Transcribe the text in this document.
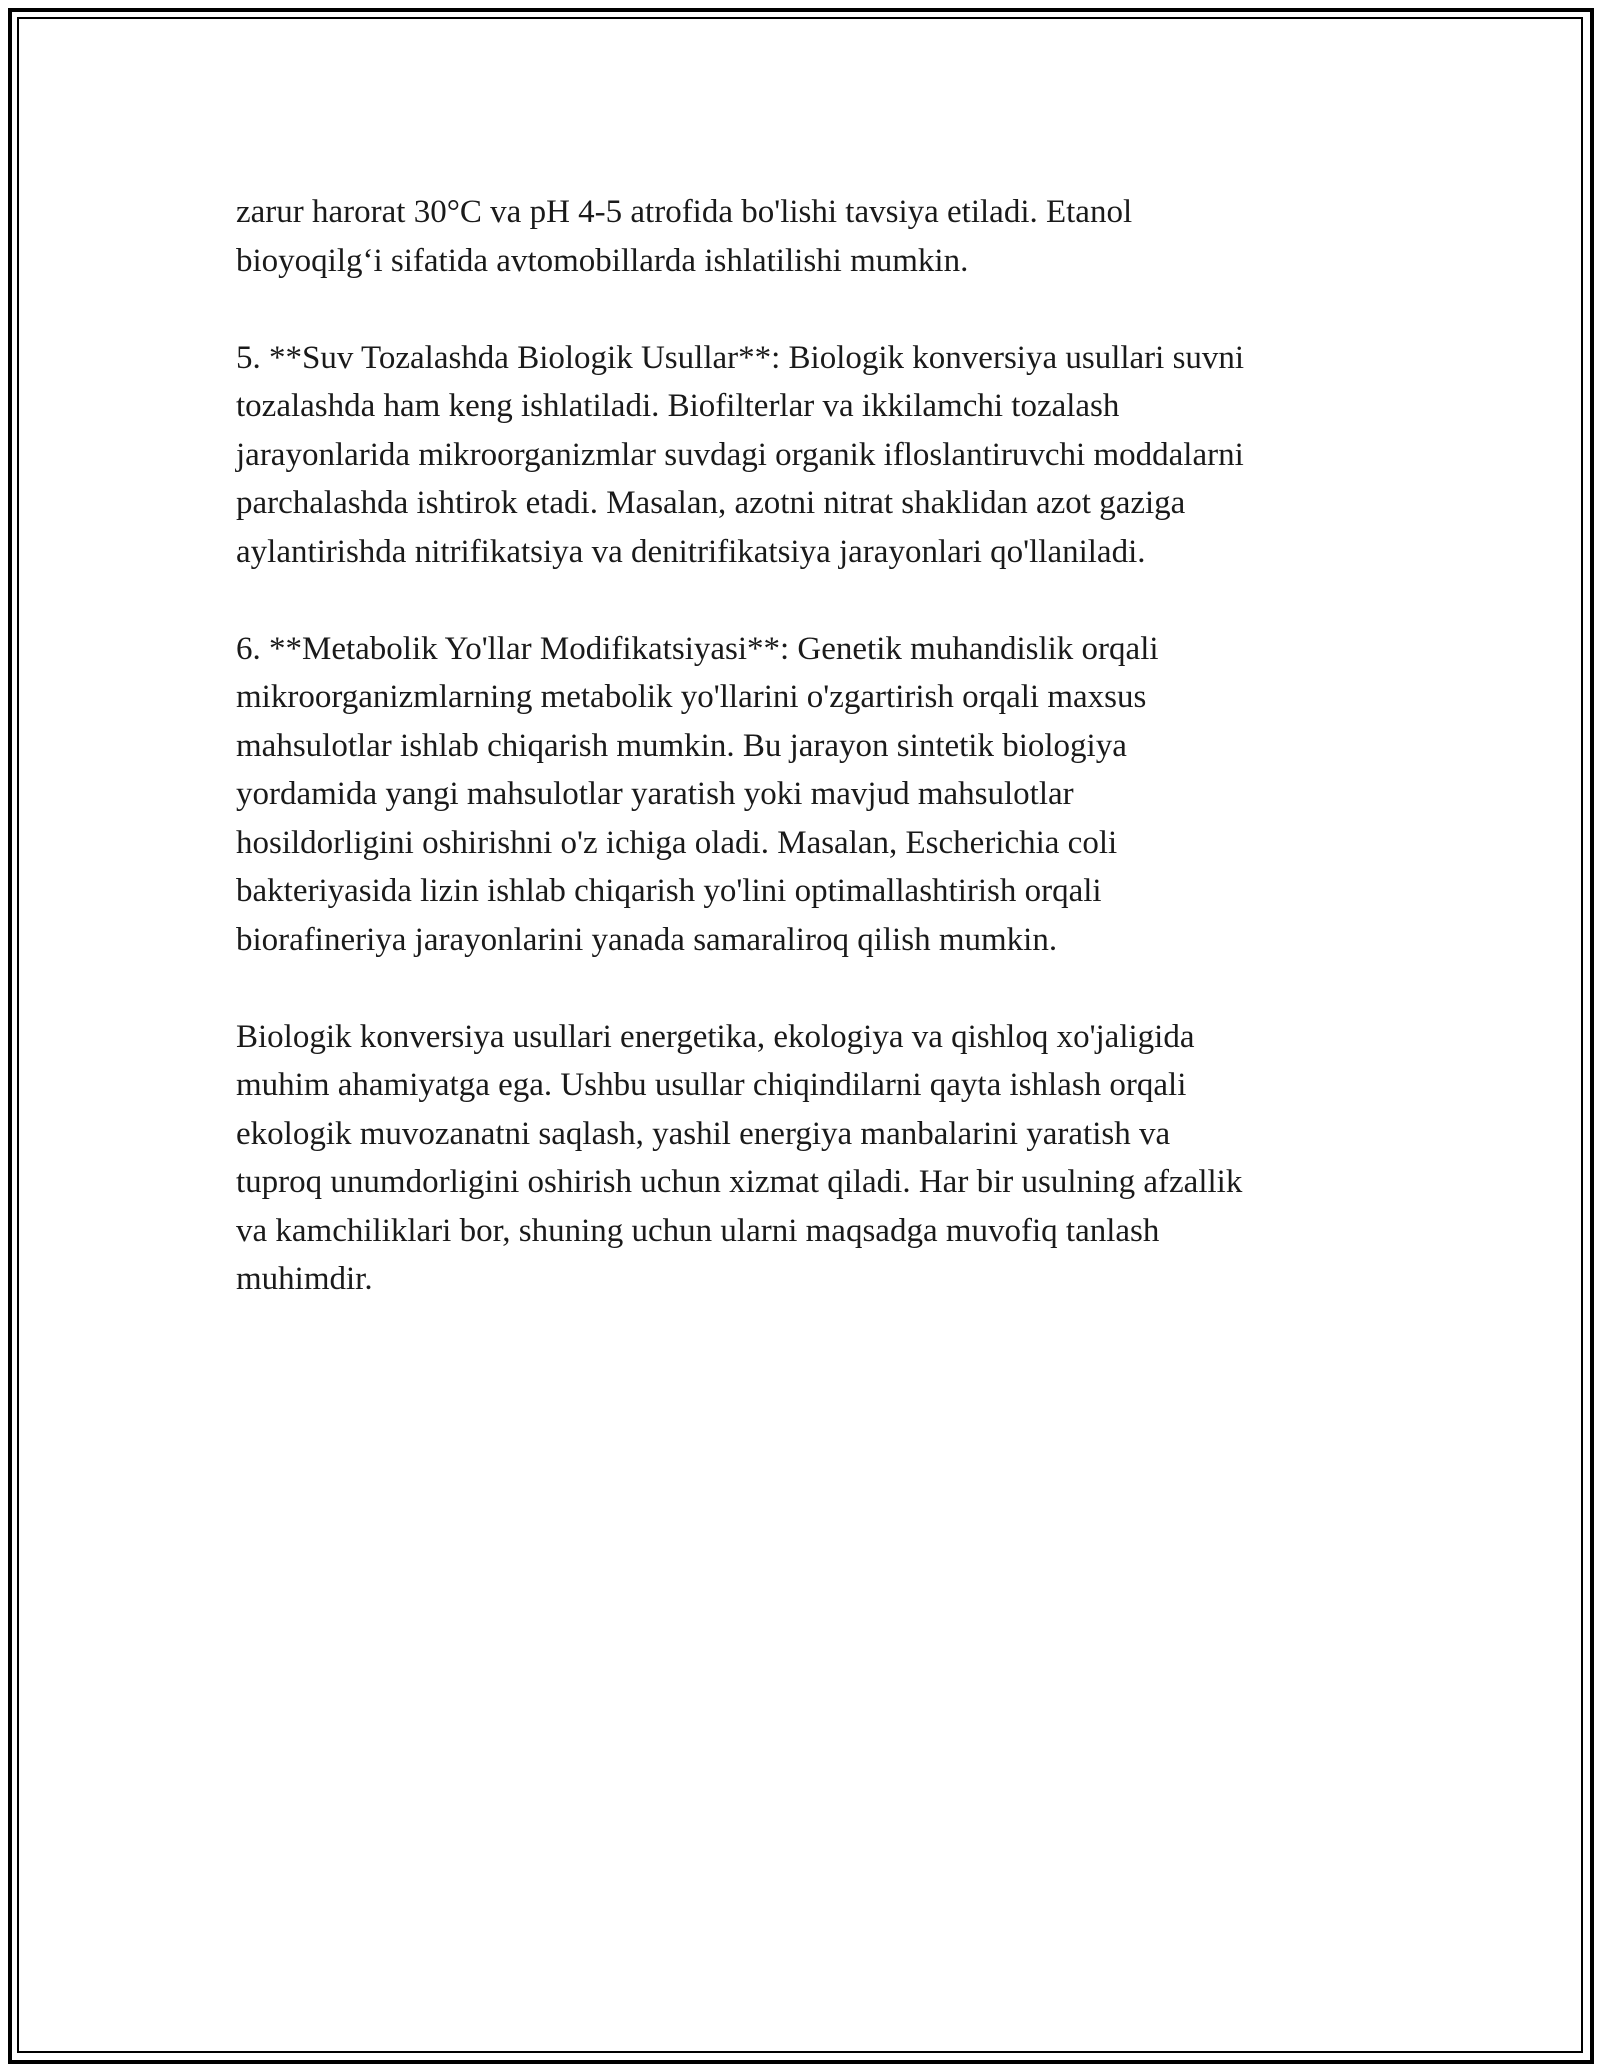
zarur harorat 30°C va pH 4-5 atrofida bo'lishi tavsiya etiladi. Etanol
bioyoqilg‘i sifatida avtomobillarda ishlatilishi mumkin.

5. **Suv Tozalashda Biologik Usullar**: Biologik konversiya usullari suvni
tozalashda ham keng ishlatiladi. Biofilterlar va ikkilamchi tozalash
jarayonlarida mikroorganizmlar suvdagi organik ifloslantiruvchi moddalarni
parchalashda ishtirok etadi. Masalan, azotni nitrat shaklidan azot gaziga
aylantirishda nitrifikatsiya va denitrifikatsiya jarayonlari qo'llaniladi.

6. **Metabolik Yo'llar Modifikatsiyasi**: Genetik muhandislik orqali
mikroorganizmlarning metabolik yo'llarini o'zgartirish orqali maxsus
mahsulotlar ishlab chiqarish mumkin. Bu jarayon sintetik biologiya
yordamida yangi mahsulotlar yaratish yoki mavjud mahsulotlar
hosildorligini oshirishni o'z ichiga oladi. Masalan, Escherichia coli
bakteriyasida lizin ishlab chiqarish yo'lini optimallashtirish orqali
biorafineriya jarayonlarini yanada samaraliroq qilish mumkin.

Biologik konversiya usullari energetika, ekologiya va qishloq xo'jaligida
muhim ahamiyatga ega. Ushbu usullar chiqindilarni qayta ishlash orqali
ekologik muvozanatni saqlash, yashil energiya manbalarini yaratish va
tuproq unumdorligini oshirish uchun xizmat qiladi. Har bir usulning afzallik
va kamchiliklari bor, shuning uchun ularni maqsadga muvofiq tanlash
muhimdir.
